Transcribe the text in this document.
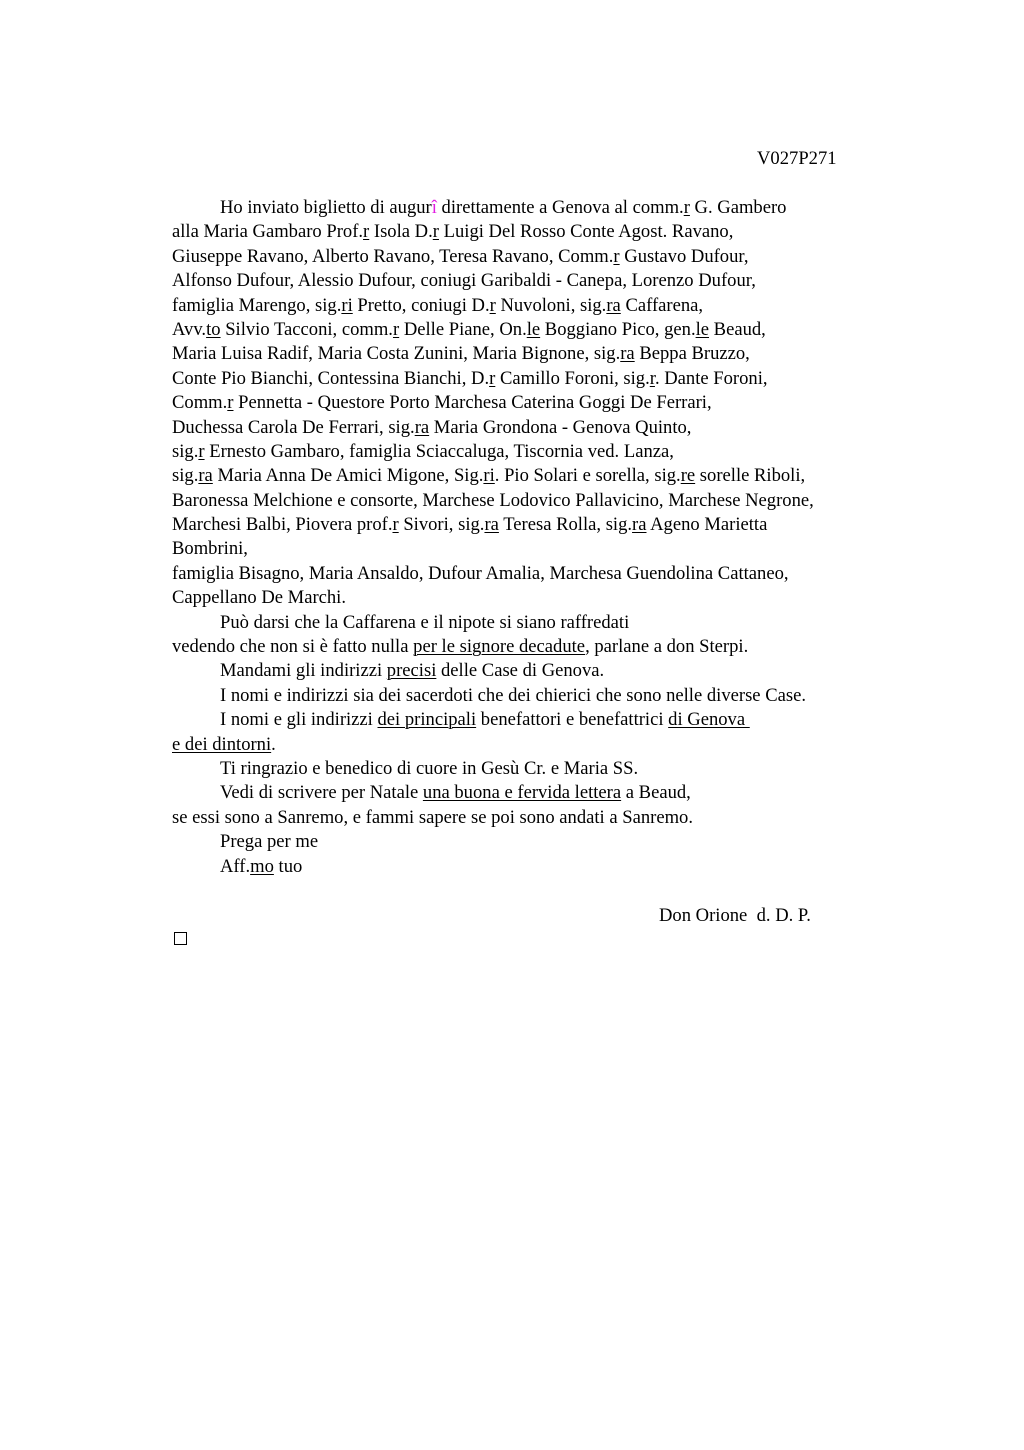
V027P271
Ho inviato biglietto di augurî direttamente a Genova al comm.r G. Gambero
alla Maria Gambaro Prof.r Isola D.r Luigi Del Rosso Conte Agost. Ravano,
Giuseppe Ravano, Alberto Ravano, Teresa Ravano, Comm.r Gustavo Dufour,
Alfonso Dufour, Alessio Dufour, coniugi Garibaldi - Canepa, Lorenzo Dufour,
famiglia Marengo, sig.ri Pretto, coniugi D.r Nuvoloni, sig.ra Caffarena,
Avv.to Silvio Tacconi, comm.r Delle Piane, On.le Boggiano Pico, gen.le Beaud,
Maria Luisa Radif, Maria Costa Zunini, Maria Bignone, sig.ra Beppa Bruzzo,
Conte Pio Bianchi, Contessina Bianchi, D.r Camillo Foroni, sig.r. Dante Foroni,
Comm.r Pennetta - Questore Porto Marchesa Caterina Goggi De Ferrari,
Duchessa Carola De Ferrari, sig.ra Maria Grondona - Genova Quinto,
sig.r Ernesto Gambaro, famiglia Sciaccaluga, Tiscornia ved. Lanza,
sig.ra Maria Anna De Amici Migone, Sig.ri. Pio Solari e sorella, sig.re sorelle Riboli,
Baronessa Melchione e consorte, Marchese Lodovico Pallavicino, Marchese Negrone,
Marchesi Balbi, Piovera prof.r Sivori, sig.ra Teresa Rolla, sig.ra Ageno Marietta
Bombrini,
famiglia Bisagno, Maria Ansaldo, Dufour Amalia, Marchesa Guendolina Cattaneo,
Cappellano De Marchi.
Può darsi che la Caffarena e il nipote si siano raffredati
vedendo che non si è fatto nulla per le signore decadute, parlane a don Sterpi.
Mandami gli indirizzi precisi delle Case di Genova.
I nomi e indirizzi sia dei sacerdoti che dei chierici che sono nelle diverse Case.
I nomi e gli indirizzi dei principali benefattori e benefattrici di Genova
e dei dintorni.
Ti ringrazio e benedico di cuore in Gesù Cr. e Maria SS.
Vedi di scrivere per Natale una buona e fervida lettera a Beaud,
se essi sono a Sanremo, e fammi sapere se poi sono andati a Sanremo.
Prega per me
Aff.mo tuo
Don Orione  d. D. P.
